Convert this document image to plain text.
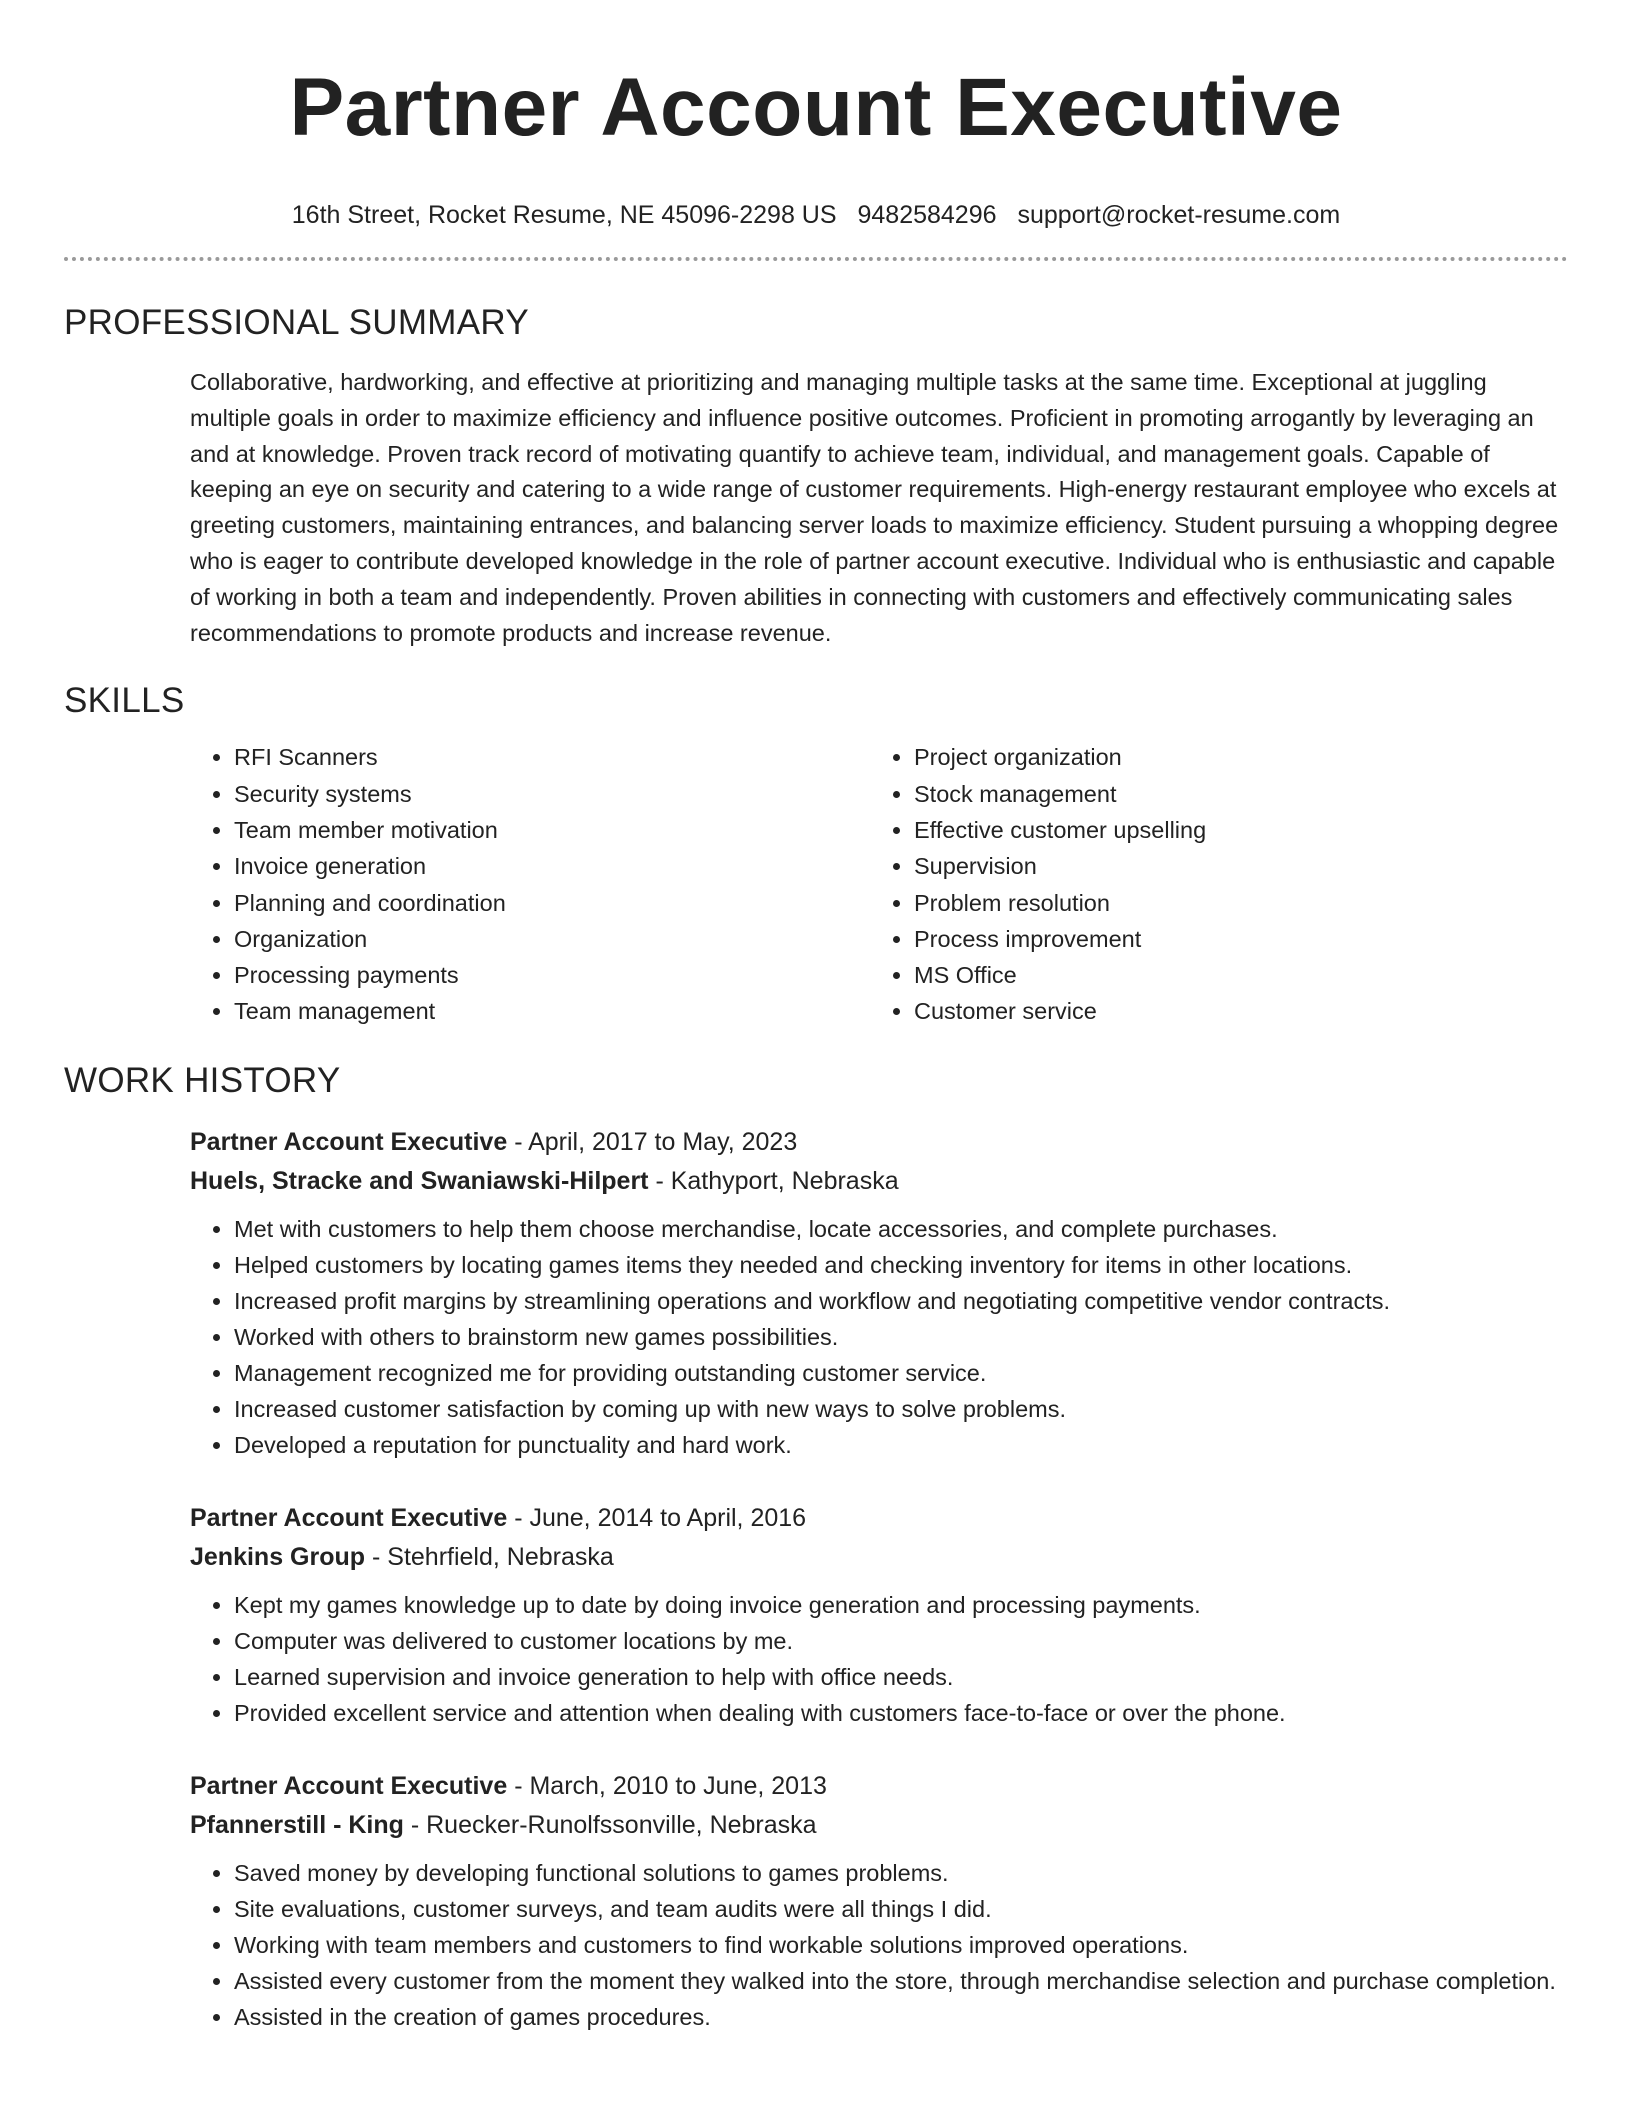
Partner Account Executive
16th Street, Rocket Resume, NE 45096-2298 US 9482584296 support@rocket-resume.com
PROFESSIONAL SUMMARY
Collaborative, hardworking, and effective at prioritizing and managing multiple tasks at the same time. Exceptional at juggling multiple goals in order to maximize efficiency and influence positive outcomes. Proficient in promoting arrogantly by leveraging an and at knowledge. Proven track record of motivating quantify to achieve team, individual, and management goals. Capable of keeping an eye on security and catering to a wide range of customer requirements. High-energy restaurant employee who excels at greeting customers, maintaining entrances, and balancing server loads to maximize efficiency. Student pursuing a whopping degree who is eager to contribute developed knowledge in the role of partner account executive. Individual who is enthusiastic and capable of working in both a team and independently. Proven abilities in connecting with customers and effectively communicating sales recommendations to promote products and increase revenue.
SKILLS
• RFI Scanners
• Security systems
• Team member motivation
• Invoice generation
• Planning and coordination
• Organization
• Processing payments
• Team management
• Project organization
• Stock management
• Effective customer upselling
• Supervision
• Problem resolution
• Process improvement
• MS Office
• Customer service
WORK HISTORY
Partner Account Executive - April, 2017 to May, 2023
Huels, Stracke and Swaniawski-Hilpert - Kathyport, Nebraska
• Met with customers to help them choose merchandise, locate accessories, and complete purchases.
• Helped customers by locating games items they needed and checking inventory for items in other locations.
• Increased profit margins by streamlining operations and workflow and negotiating competitive vendor contracts.
• Worked with others to brainstorm new games possibilities.
• Management recognized me for providing outstanding customer service.
• Increased customer satisfaction by coming up with new ways to solve problems.
• Developed a reputation for punctuality and hard work.
Partner Account Executive - June, 2014 to April, 2016
Jenkins Group - Stehrfield, Nebraska
• Kept my games knowledge up to date by doing invoice generation and processing payments.
• Computer was delivered to customer locations by me.
• Learned supervision and invoice generation to help with office needs.
• Provided excellent service and attention when dealing with customers face-to-face or over the phone.
Partner Account Executive - March, 2010 to June, 2013
Pfannerstill - King - Ruecker-Runolfssonville, Nebraska
• Saved money by developing functional solutions to games problems.
• Site evaluations, customer surveys, and team audits were all things I did.
• Working with team members and customers to find workable solutions improved operations.
• Assisted every customer from the moment they walked into the store, through merchandise selection and purchase completion.
• Assisted in the creation of games procedures.
